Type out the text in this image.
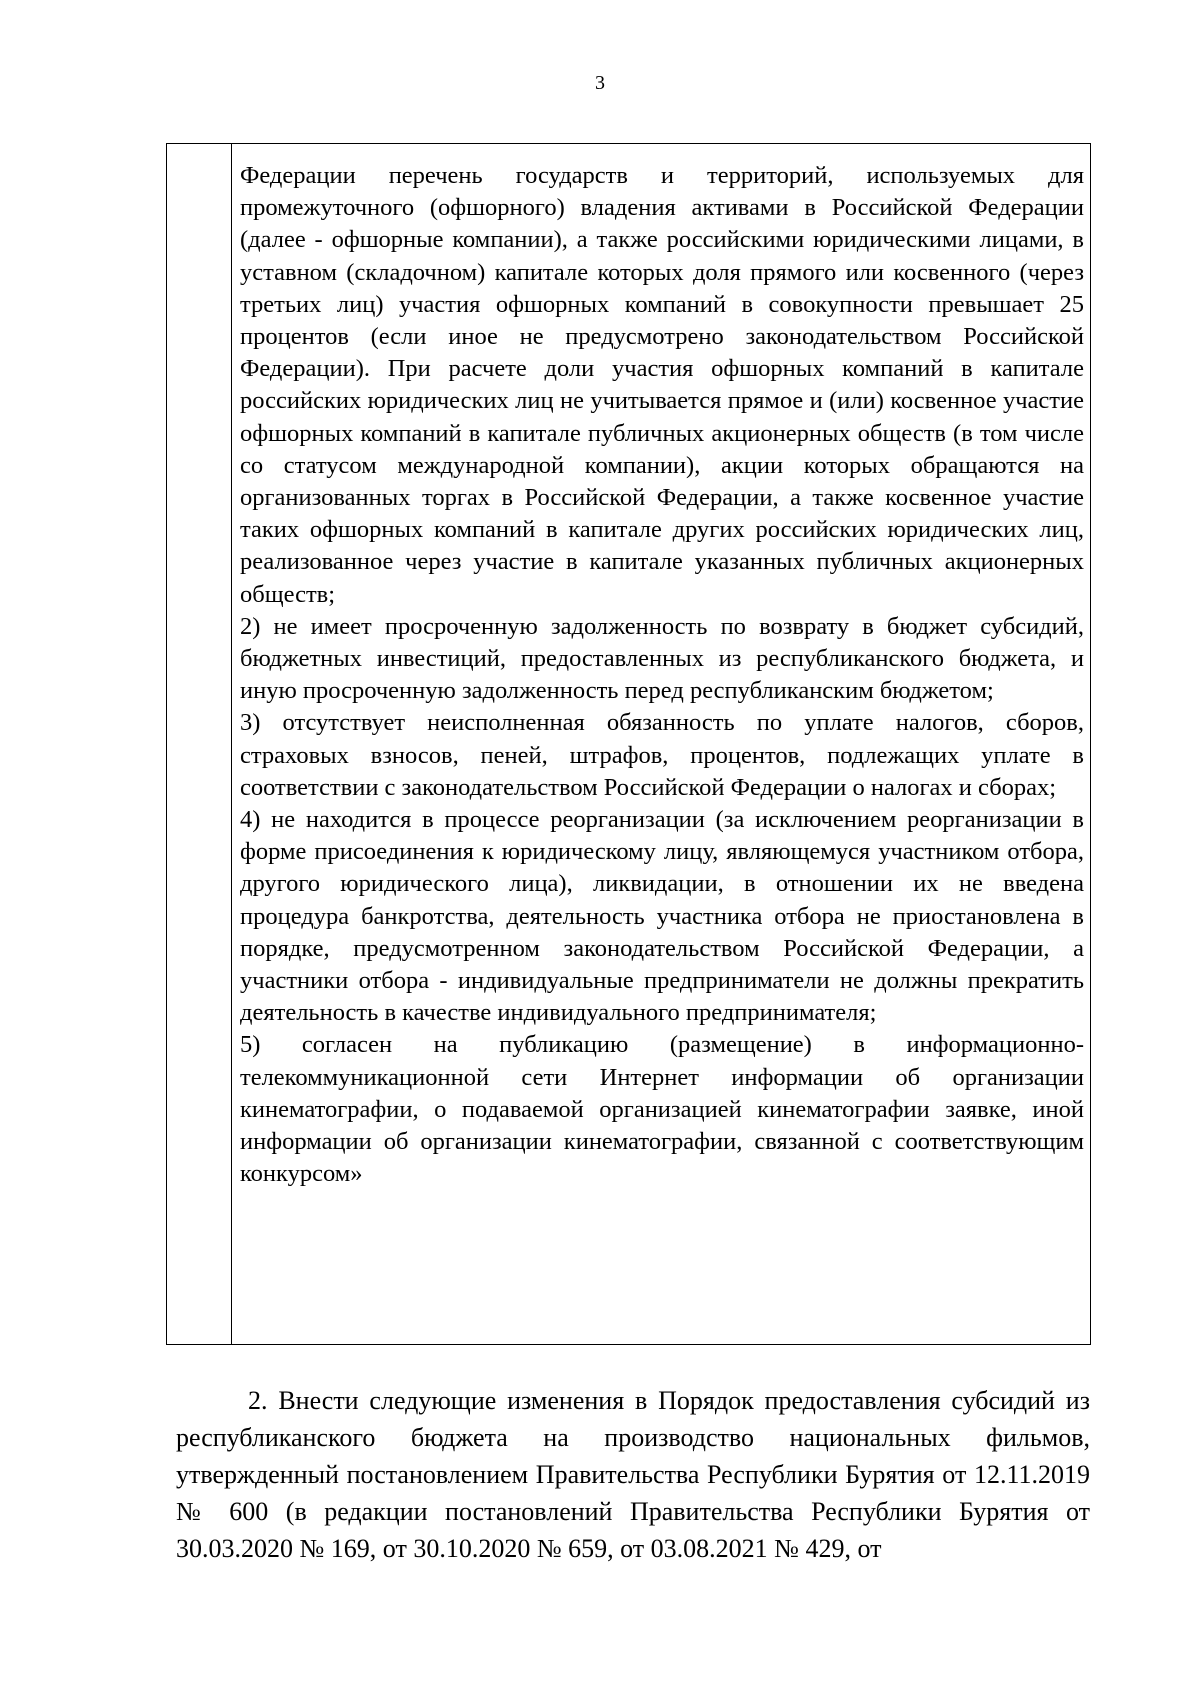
3

Федерации перечень государств и территорий, используемых для промежуточного (офшорного) владения активами в Российской Федерации (далее - офшорные компании), а также российскими юридическими лицами, в уставном (складочном) капитале которых доля прямого или косвенного (через третьих лиц) участия офшорных компаний в совокупности превышает 25 процентов (если иное не предусмотрено законодательством Российской Федерации). При расчете доли участия офшорных компаний в капитале российских юридических лиц не учитывается прямое и (или) косвенное участие офшорных компаний в капитале публичных акционерных обществ (в том числе со статусом международной компании), акции которых обращаются на организованных торгах в Российской Федерации, а также косвенное участие таких офшорных компаний в капитале других российских юридических лиц, реализованное через участие в капитале указанных публичных акционерных обществ;

2) не имеет просроченную задолженность по возврату в бюджет субсидий, бюджетных инвестиций, предоставленных из республиканского бюджета, и иную просроченную задолженность перед республиканским бюджетом;

3) отсутствует неисполненная обязанность по уплате налогов, сборов, страховых взносов, пеней, штрафов, процентов, подлежащих уплате в соответствии с законодательством Российской Федерации о налогах и сборах;

4) не находится в процессе реорганизации (за исключением реорганизации в форме присоединения к юридическому лицу, являющемуся участником отбора, другого юридического лица), ликвидации, в отношении их не введена процедура банкротства, деятельность участника отбора не приостановлена в порядке, предусмотренном законодательством Российской Федерации, а участники отбора - индивидуальные предприниматели не должны прекратить деятельность в качестве индивидуального предпринимателя;

5) согласен на публикацию (размещение) в информационно-телекоммуникационной сети Интернет информации об организации кинематографии, о подаваемой организацией кинематографии заявке, иной информации об организации кинематографии, связанной с соответствующим конкурсом»

2. Внести следующие изменения в Порядок предоставления субсидий из республиканского бюджета на производство национальных фильмов, утвержденный постановлением Правительства Республики Бурятия от 12.11.2019 № 600 (в редакции постановлений Правительства Республики Бурятия от 30.03.2020 № 169, от 30.10.2020 № 659, от 03.08.2021 № 429, от
